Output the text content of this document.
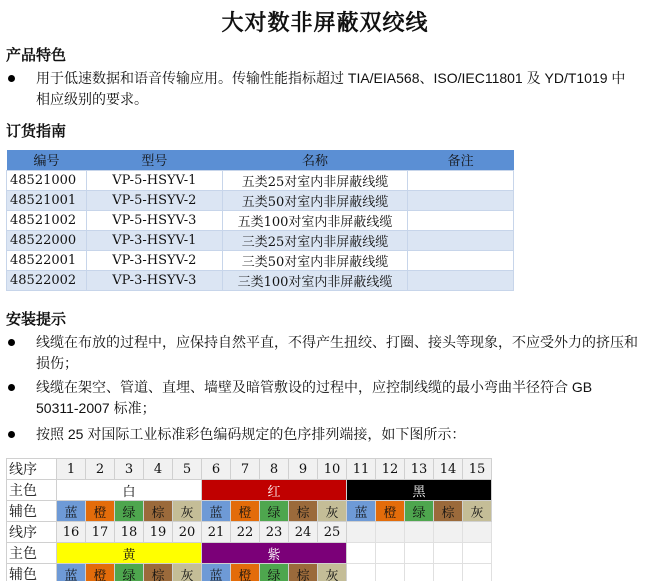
大对数非屏蔽双绞线
产品特色
用于低速数据和语音传输应用。传输性能指标超过 TIA/EIA568、ISO/IEC11801 及 YD/T1019 中相应级别的要求。
订货指南
编号	型号	名称	备注
48521000	VP-5-HSYV-1	五类25对室内非屏蔽线缆	
48521001	VP-5-HSYV-2	五类50对室内非屏蔽线缆	
48521002	VP-5-HSYV-3	五类100对室内非屏蔽线缆	
48522000	VP-3-HSYV-1	三类25对室内非屏蔽线缆	
48522001	VP-3-HSYV-2	三类50对室内非屏蔽线缆	
48522002	VP-3-HSYV-3	三类100对室内非屏蔽线缆	
安装提示
线缆在布放的过程中，应保持自然平直，不得产生扭绞、打圈、接头等现象，不应受外力的挤压和损伤；
线缆在架空、管道、直埋、墙壁及暗管敷设的过程中，应控制线缆的最小弯曲半径符合 GB 50311-2007 标准；
按照 25 对国际工业标准彩色编码规定的色序排列端接，如下图所示：
线序	1	2	3	4	5	6	7	8	9	10	11	12	13	14	15
主色	白					红					黑				
辅色	蓝	橙	绿	棕	灰	蓝	橙	绿	棕	灰	蓝	橙	绿	棕	灰
线序	16	17	18	19	20	21	22	23	24	25					
主色	黄					紫									
辅色	蓝	橙	绿	棕	灰	蓝	橙	绿	棕	灰					
